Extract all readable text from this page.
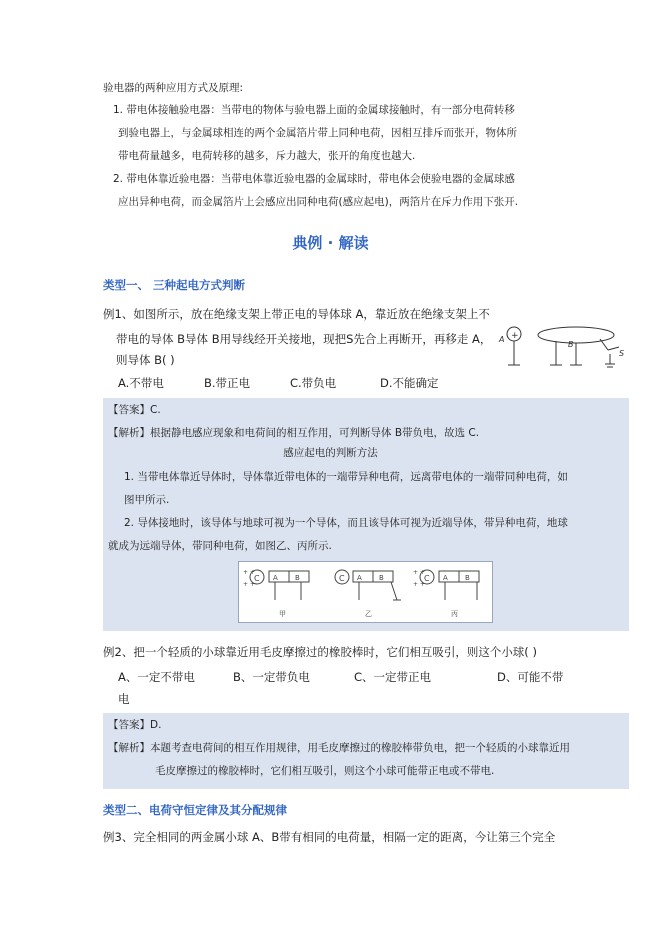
验电器的两种应用方式及原理:
1. 带电体接触验电器：当带电的物体与验电器上面的金属球接触时，有一部分电荷转移
到验电器上，与金属球相连的两个金属箔片带上同种电荷，因相互排斥而张开，物体所
带电荷量越多，电荷转移的越多，斥力越大，张开的角度也越大.
2. 带电体靠近验电器：当带电体靠近验电器的金属球时，带电体会使验电器的金属球感
应出异种电荷，而金属箔片上会感应出同种电荷(感应起电)，两箔片在斥力作用下张开.
典例 · 解读
类型一、 三种起电方式判断
例1、如图所示，放在绝缘支架上带正电的导体球 A，靠近放在绝缘支架上不
带电的导体 B导体 B用导线经开关接地，现把S先合上再断开，再移走 A，
则导体 B( )
+
A
B
S
A.不带电	B.带正电	C.带负电	D.不能确定
【答案】C.
【解析】根据静电感应现象和电荷间的相互作用，可判断导体 B带负电，故选 C.
感应起电的判断方法
1. 当带电体靠近导体时，导体靠近带电体的一端带异种电荷，远离带电体的一端带同种电荷，如
图甲所示.
2. 导体接地时，该导体与地球可视为一个导体，而且该导体可视为近端导体，带异种电荷，地球
就成为远端导体，带同种电荷，如图乙、丙所示.
C
+ +
+ +
A B
甲
C A B
乙
C
+ +
+ +
A B
丙
例2、把一个轻质的小球靠近用毛皮摩擦过的橡胶棒时，它们相互吸引，则这个小球( )
A、一定不带电	B、一定带负电	C、一定带正电	D、可能不带
电
【答案】D.
【解析】本题考查电荷间的相互作用规律，用毛皮摩擦过的橡胶棒带负电，把一个轻质的小球靠近用
毛皮摩擦过的橡胶棒时，它们相互吸引，则这个小球可能带正电或不带电.
类型二、电荷守恒定律及其分配规律
例3、完全相同的两金属小球 A、B带有相同的电荷量，相隔一定的距离，今让第三个完全
